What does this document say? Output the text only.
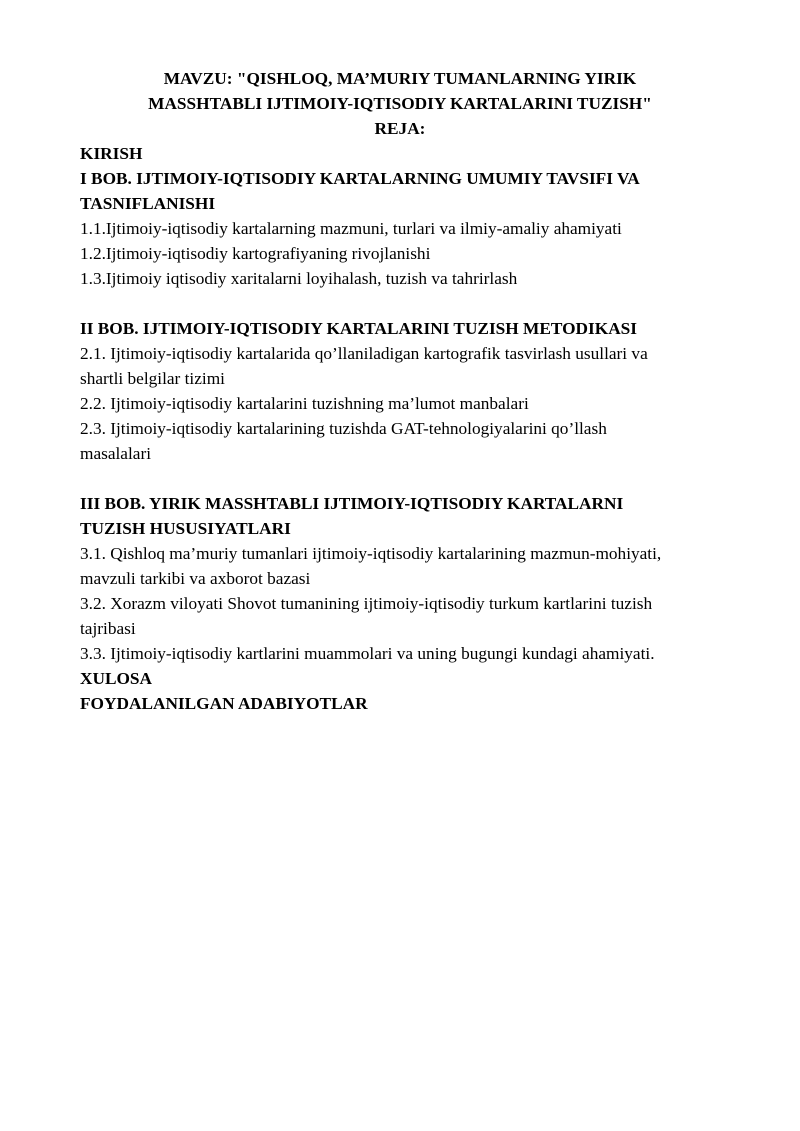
MAVZU: "QISHLOQ, MA’MURIY TUMANLARNING YIRIK
MASSHTABLI IJTIMOIY-IQTISODIY KARTALARINI TUZISH"
REJA:
KIRISH
I BOB. IJTIMOIY-IQTISODIY KARTALARNING UMUMIY TAVSIFI VA
TASNIFLANISHI
1.1.Ijtimoiy-iqtisodiy kartalarning mazmuni, turlari va ilmiy-amaliy ahamiyati
1.2.Ijtimoiy-iqtisodiy kartografiyaning rivojlanishi
1.3.Ijtimoiy iqtisodiy xaritalarni loyihalash, tuzish va tahrirlash
II BOB. IJTIMOIY-IQTISODIY KARTALARINI TUZISH METODIKASI
2.1. Ijtimoiy-iqtisodiy kartalarida qo’llaniladigan kartografik tasvirlash usullari va
shartli belgilar tizimi
2.2. Ijtimoiy-iqtisodiy kartalarini tuzishning ma’lumot manbalari
2.3. Ijtimoiy-iqtisodiy kartalarining tuzishda GAT-tehnologiyalarini qo’llash
masalalari
III BOB. YIRIK MASSHTABLI IJTIMOIY-IQTISODIY KARTALARNI
TUZISH HUSUSIYATLARI
3.1. Qishloq ma’muriy tumanlari ijtimoiy-iqtisodiy kartalarining mazmun-mohiyati,
mavzuli tarkibi va axborot bazasi
3.2. Xorazm viloyati Shovot tumanining ijtimoiy-iqtisodiy turkum kartlarini tuzish
tajribasi
3.3. Ijtimoiy-iqtisodiy kartlarini muammolari va uning bugungi kundagi ahamiyati.
XULOSA
FOYDALANILGAN ADABIYOTLAR
